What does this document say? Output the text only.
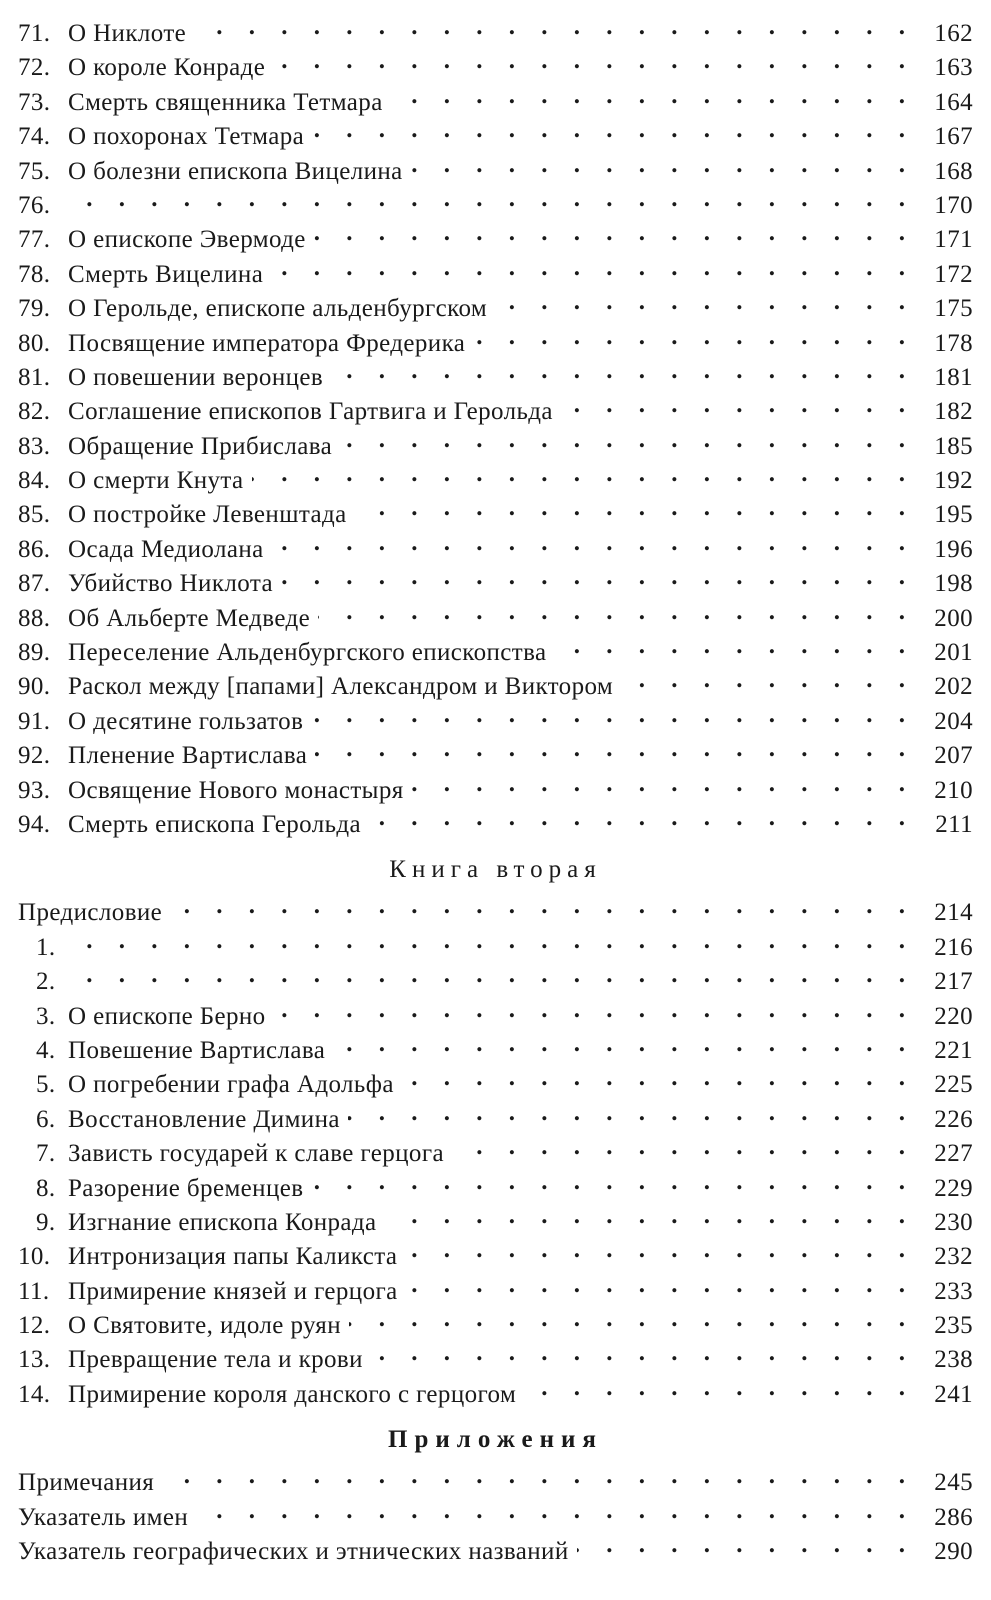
71. О Никлоте . . .	162
72. О короле Конраде . . .	163
73. Смерть священника Тетмара . . .	164
74. О похоронах Тетмара . . .	167
75. О болезни епископа Вицелина . . .	168
76. . . .	170
77. О епископе Эвермоде . . .	171
78. Смерть Вицелина . . .	172
79. О Герольде, епископе альденбургском . . .	175
80. Посвящение императора Фредерика . . .	178
81. О повешении веронцев . . .	181
82. Соглашение епископов Гартвига и Герольда . . .	182
83. Обращение Прибислава . . .	185
84. О смерти Кнута . . .	192
85. О постройке Левенштада . . .	195
86. Осада Медиолана . . .	196
87. Убийство Никлота . . .	198
88. Об Альберте Медведе . . .	200
89. Переселение Альденбургского епископства . . .	201
90. Раскол между [папами] Александром и Виктором . . .	202
91. О десятине гользатов . . .	204
92. Пленение Вартислава . . .	207
93. Освящение Нового монастыря . . .	210
94. Смерть епископа Герольда . . .	211
Книга вторая
Предисловие . . .	214
1. . . .	216
2. . . .	217
3. О епископе Берно . . .	220
4. Повешение Вартислава . . .	221
5. О погребении графа Адольфа . . .	225
6. Восстановление Димина . . .	226
7. Зависть государей к славе герцога . . .	227
8. Разорение бременцев . . .	229
9. Изгнание епископа Конрада . . .	230
10. Интронизация папы Каликста . . .	232
11. Примирение князей и герцога . . .	233
12. О Святовите, идоле руян . . .	235
13. Превращение тела и крови . . .	238
14. Примирение короля данского с герцогом . . .	241
Приложения
Примечания . . .	245
Указатель имен . . .	286
Указатель географических и этнических названий . . .	290
